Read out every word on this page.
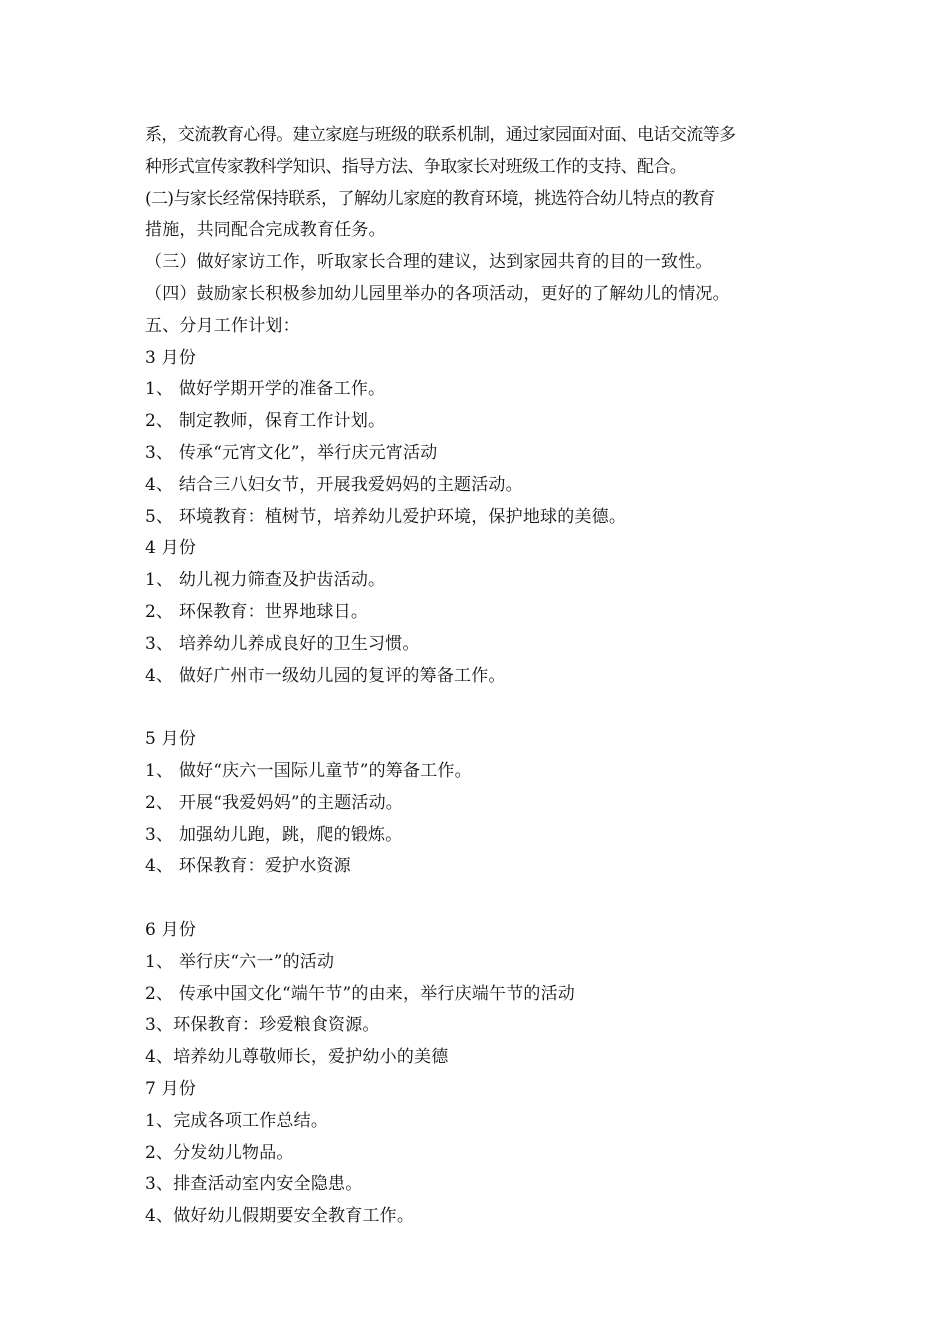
系，交流教育心得。建立家庭与班级的联系机制，通过家园面对面、电话交流等多
种形式宣传家教科学知识、指导方法、争取家长对班级工作的支持、配合。
(二)与家长经常保持联系，了解幼儿家庭的教育环境，挑选符合幼儿特点的教育
措施，共同配合完成教育任务。
（三）做好家访工作，听取家长合理的建议，达到家园共育的目的一致性。
（四）鼓励家长积极参加幼儿园里举办的各项活动，更好的了解幼儿的情况。
五、分月工作计划：
3 月份
1、 做好学期开学的准备工作。
2、 制定教师，保育工作计划。
3、 传承“元宵文化”，举行庆元宵活动
4、 结合三八妇女节，开展我爱妈妈的主题活动。
5、 环境教育：植树节，培养幼儿爱护环境，保护地球的美德。
4 月份
1、 幼儿视力筛查及护齿活动。
2、 环保教育：世界地球日。
3、 培养幼儿养成良好的卫生习惯。
4、 做好广州市一级幼儿园的复评的筹备工作。
5 月份
1、 做好“庆六一国际儿童节”的筹备工作。
2、 开展“我爱妈妈”的主题活动。
3、 加强幼儿跑，跳，爬的锻炼。
4、 环保教育：爱护水资源
6 月份
1、 举行庆“六一”的活动
2、 传承中国文化“端午节”的由来，举行庆端午节的活动
3、环保教育：珍爱粮食资源。
4、培养幼儿尊敬师长，爱护幼小的美德
7 月份
1、完成各项工作总结。
2、分发幼儿物品。
3、排查活动室内安全隐患。
4、做好幼儿假期要安全教育工作。
